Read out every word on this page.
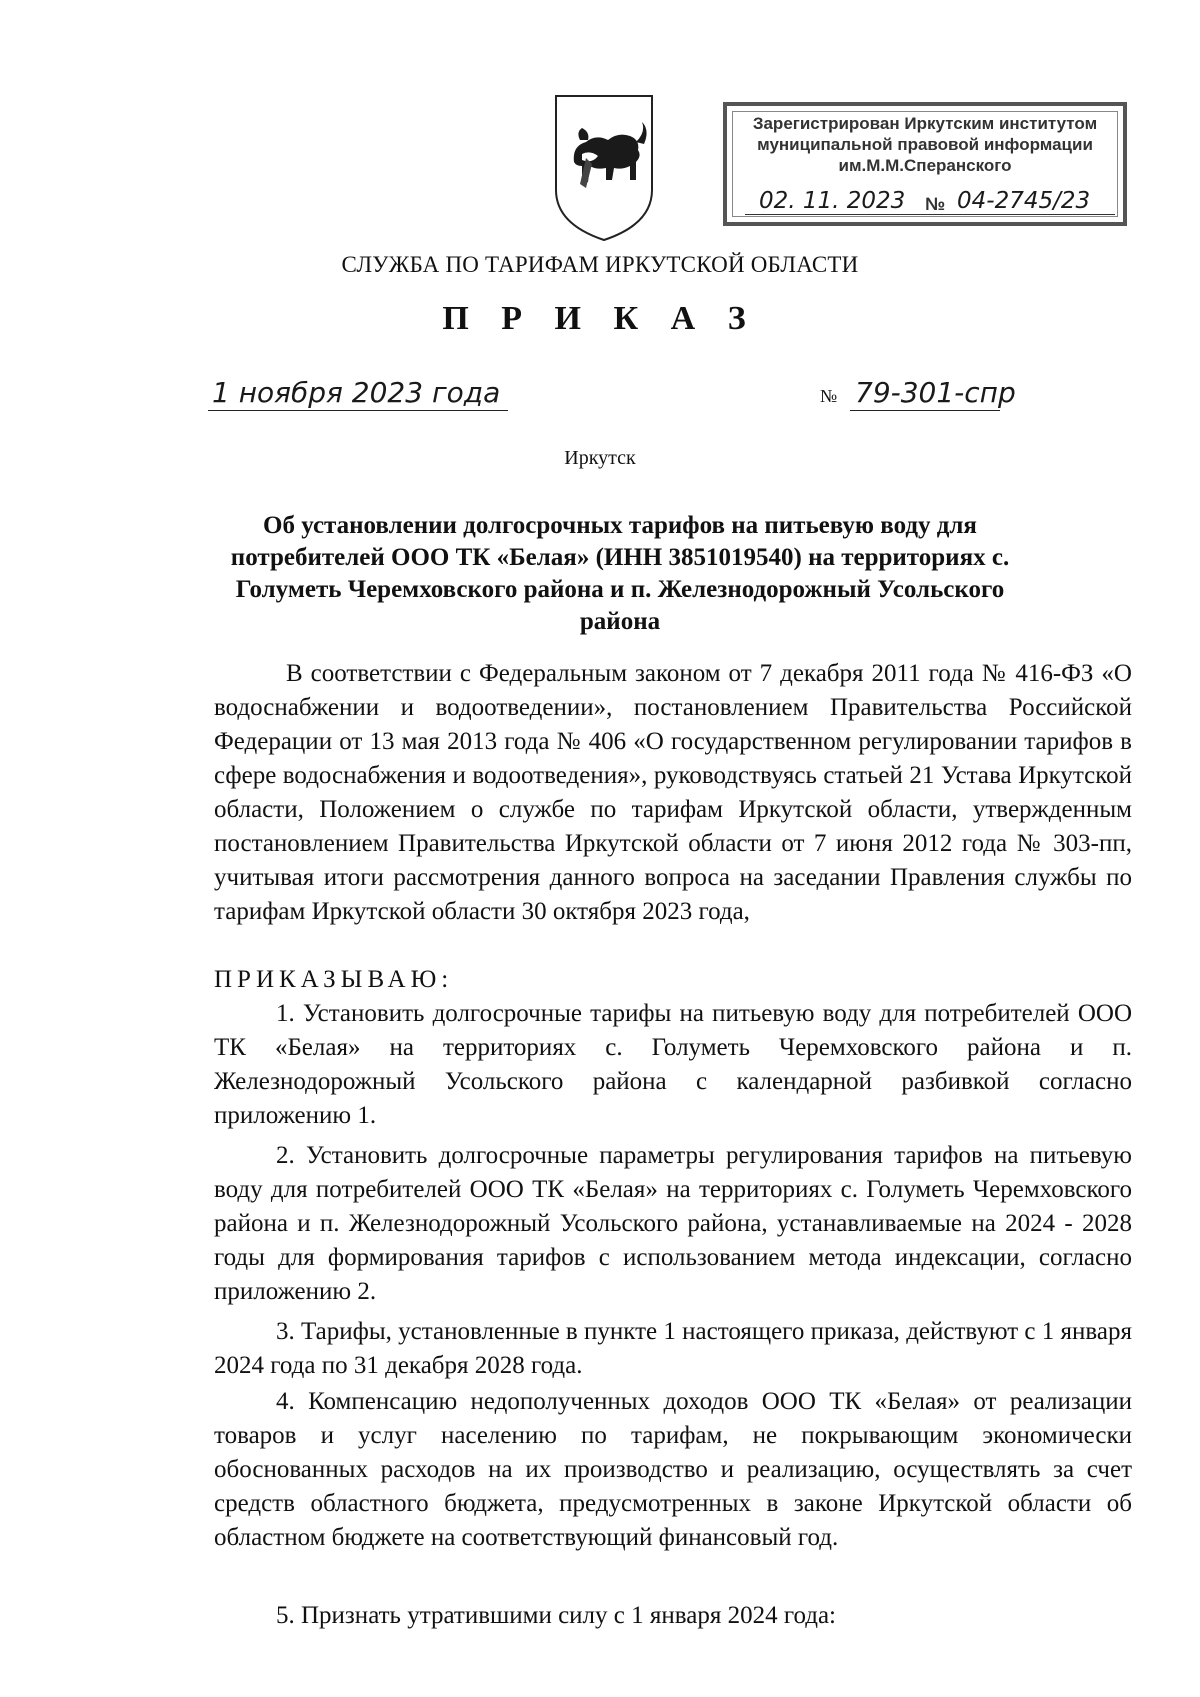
Зарегистрирован Иркутским институтом
муниципальной правовой информации
им.М.М.Сперанского
02. 11. 2023 № 04-2745/23
СЛУЖБА ПО ТАРИФАМ ИРКУТСКОЙ ОБЛАСТИ
П Р И К А З
1 ноября 2023 года	№ 79-301-спр
Иркутск
Об установлении долгосрочных тарифов на питьевую воду для потребителей ООО ТК «Белая» (ИНН 3851019540) на территориях с. Голуметь Черемховского района и п. Железнодорожный Усольского района

В соответствии с Федеральным законом от 7 декабря 2011 года № 416-ФЗ «О водоснабжении и водоотведении», постановлением Правительства Российской Федерации от 13 мая 2013 года № 406 «О государственном регулировании тарифов в сфере водоснабжения и водоотведения», руководствуясь статьей 21 Устава Иркутской области, Положением о службе по тарифам Иркутской области, утвержденным постановлением Правительства Иркутской области от 7 июня 2012 года № 303-пп, учитывая итоги рассмотрения данного вопроса на заседании Правления службы по тарифам Иркутской области 30 октября 2023 года,

ПРИКАЗЫВАЮ:

1. Установить долгосрочные тарифы на питьевую воду для потребителей ООО ТК «Белая» на территориях с. Голуметь Черемховского района и п. Железнодорожный Усольского района с календарной разбивкой согласно приложению 1.

2. Установить долгосрочные параметры регулирования тарифов на питьевую воду для потребителей ООО ТК «Белая» на территориях с. Голуметь Черемховского района и п. Железнодорожный Усольского района, устанавливаемые на 2024 - 2028 годы для формирования тарифов с использованием метода индексации, согласно приложению 2.

3. Тарифы, установленные в пункте 1 настоящего приказа, действуют с 1 января 2024 года по 31 декабря 2028 года.

4. Компенсацию недополученных доходов ООО ТК «Белая» от реализации товаров и услуг населению по тарифам, не покрывающим экономически обоснованных расходов на их производство и реализацию, осуществлять за счет средств областного бюджета, предусмотренных в законе Иркутской области об областном бюджете на соответствующий финансовый год.

5. Признать утратившими силу с 1 января 2024 года:
